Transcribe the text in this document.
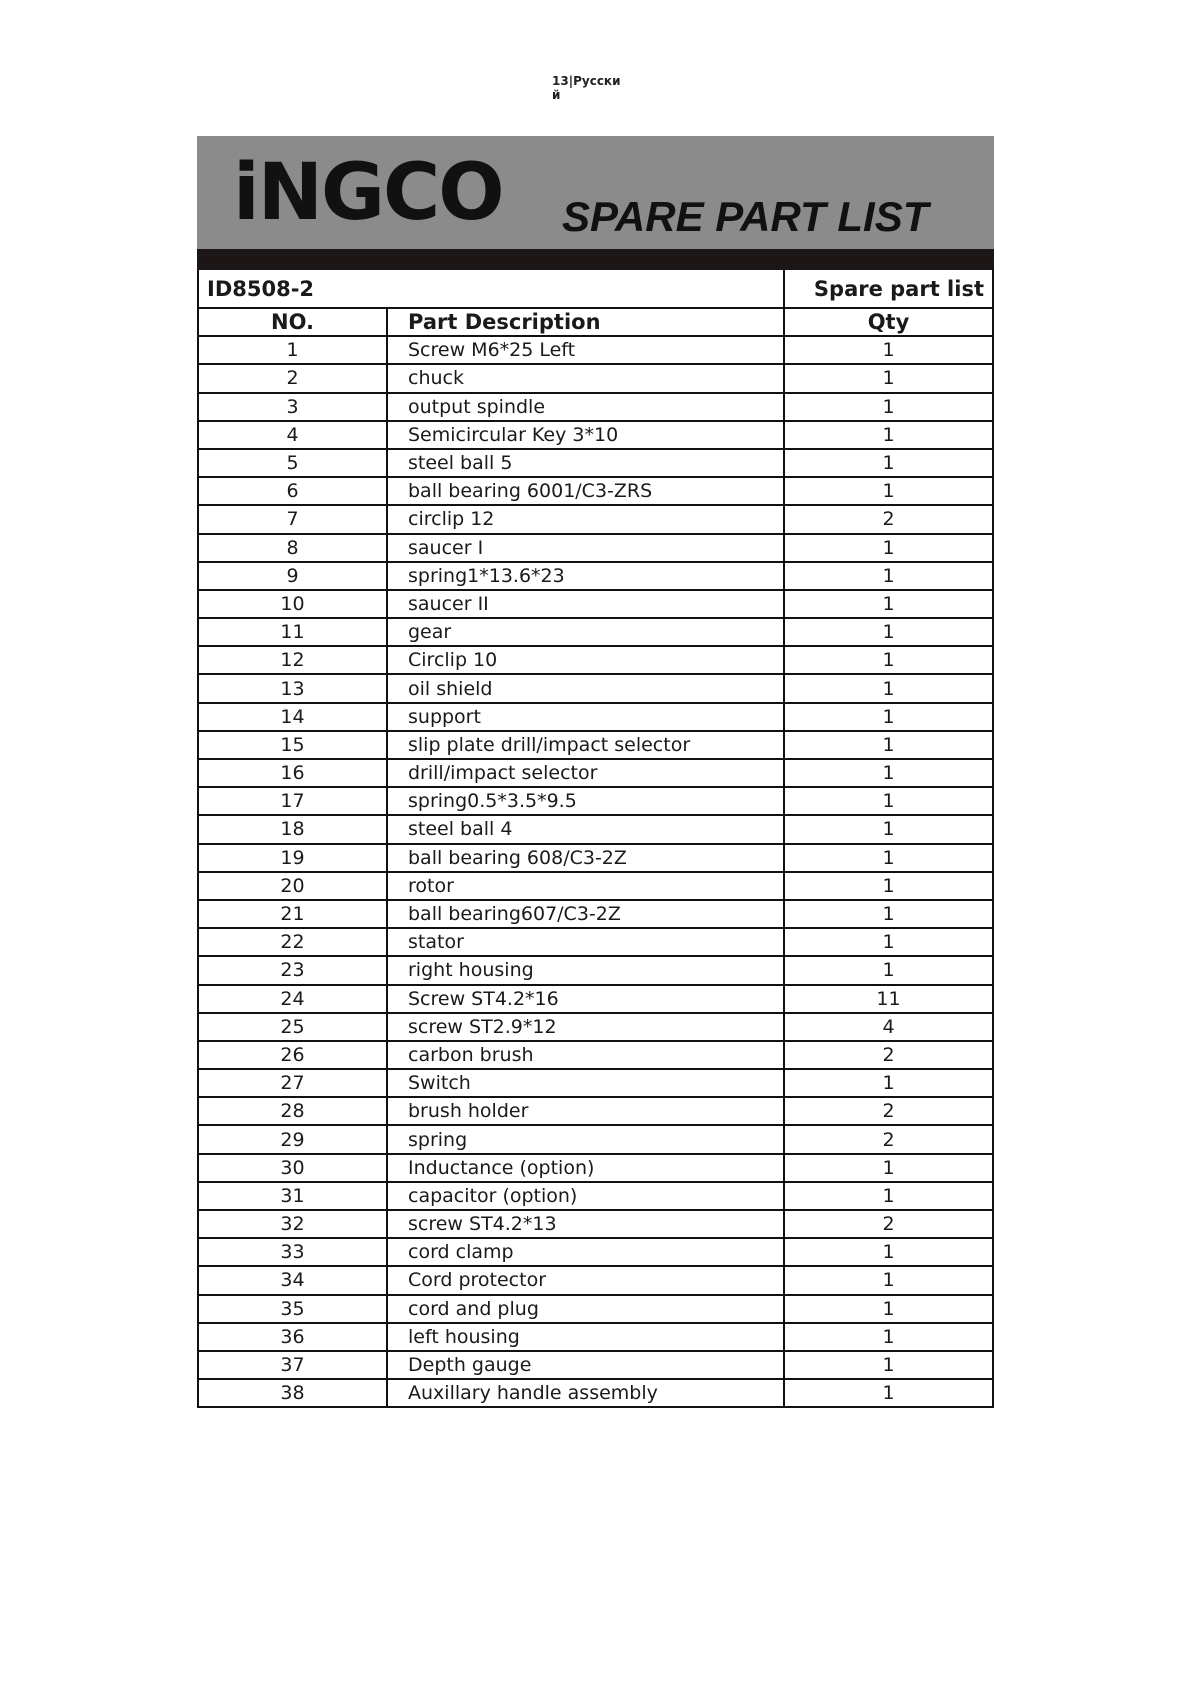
13|Русски
й
iNGCO SPARE PART LIST
ID8508-2		Spare part list
NO.	Part Description	Qty
1	Screw M6*25 Left	1
2	chuck	1
3	output spindle	1
4	Semicircular Key 3*10	1
5	steel ball 5	1
6	ball bearing 6001/C3-ZRS	1
7	circlip 12	2
8	saucer I	1
9	spring1*13.6*23	1
10	saucer II	1
11	gear	1
12	Circlip 10	1
13	oil shield	1
14	support	1
15	slip plate drill/impact selector	1
16	drill/impact selector	1
17	spring0.5*3.5*9.5	1
18	steel ball 4	1
19	ball bearing 608/C3-2Z	1
20	rotor	1
21	ball bearing607/C3-2Z	1
22	stator	1
23	right housing	1
24	Screw ST4.2*16	11
25	screw ST2.9*12	4
26	carbon brush	2
27	Switch	1
28	brush holder	2
29	spring	2
30	Inductance (option)	1
31	capacitor (option)	1
32	screw ST4.2*13	2
33	cord clamp	1
34	Cord protector	1
35	cord and plug	1
36	left housing	1
37	Depth gauge	1
38	Auxillary handle assembly	1
